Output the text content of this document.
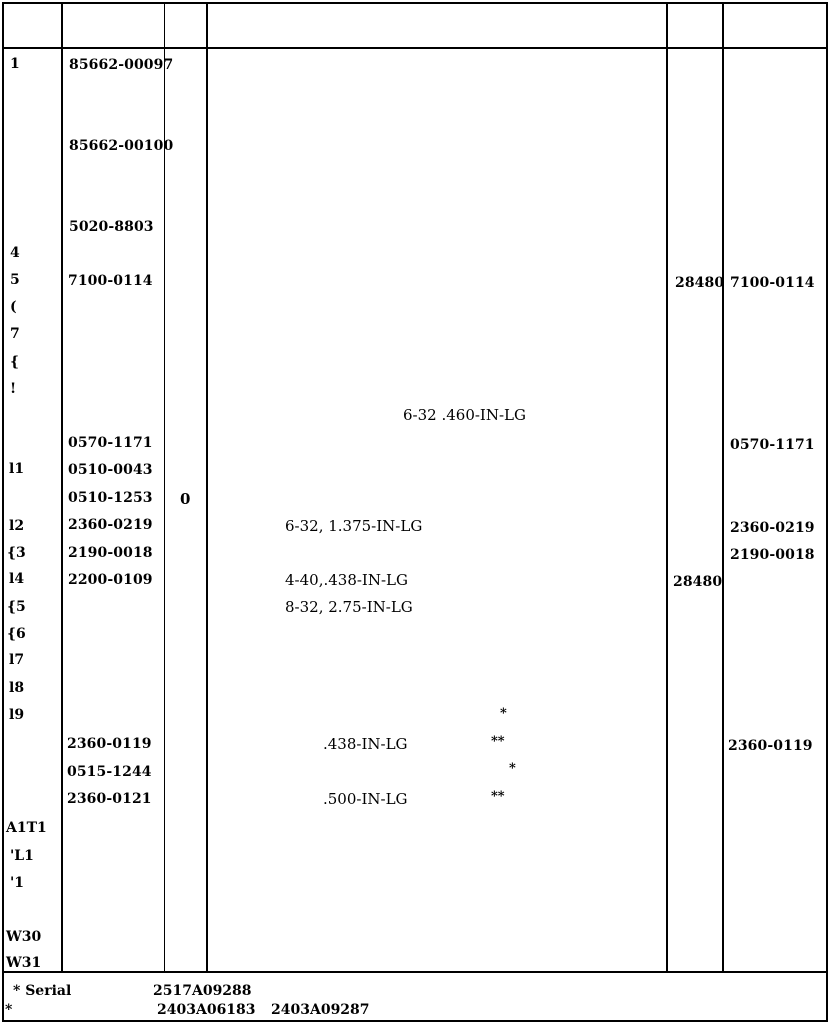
1
4
5
(
7
{
!
l1
l2
{3
l4
{5
{6
l7
l8
l9
A1T1
'L1
'1
W30
W31
85662-00097
85662-00100
5020-8803
7100-0114
0570-1171
0510-0043
0510-1253
2360-0219
2190-0018
2200-0109
2360-0119
0515-1244
2360-0121
0
6-32 .460-IN-LG
6-32, 1.375-IN-LG
4-40,.438-IN-LG
8-32, 2.75-IN-LG
.438-IN-LG
.500-IN-LG
*
**
*
**
28480
28480
7100-0114
0570-1171
2360-0219
2190-0018
2360-0119
* Serial	2517A09288
*	2403A06183 2403A09287
